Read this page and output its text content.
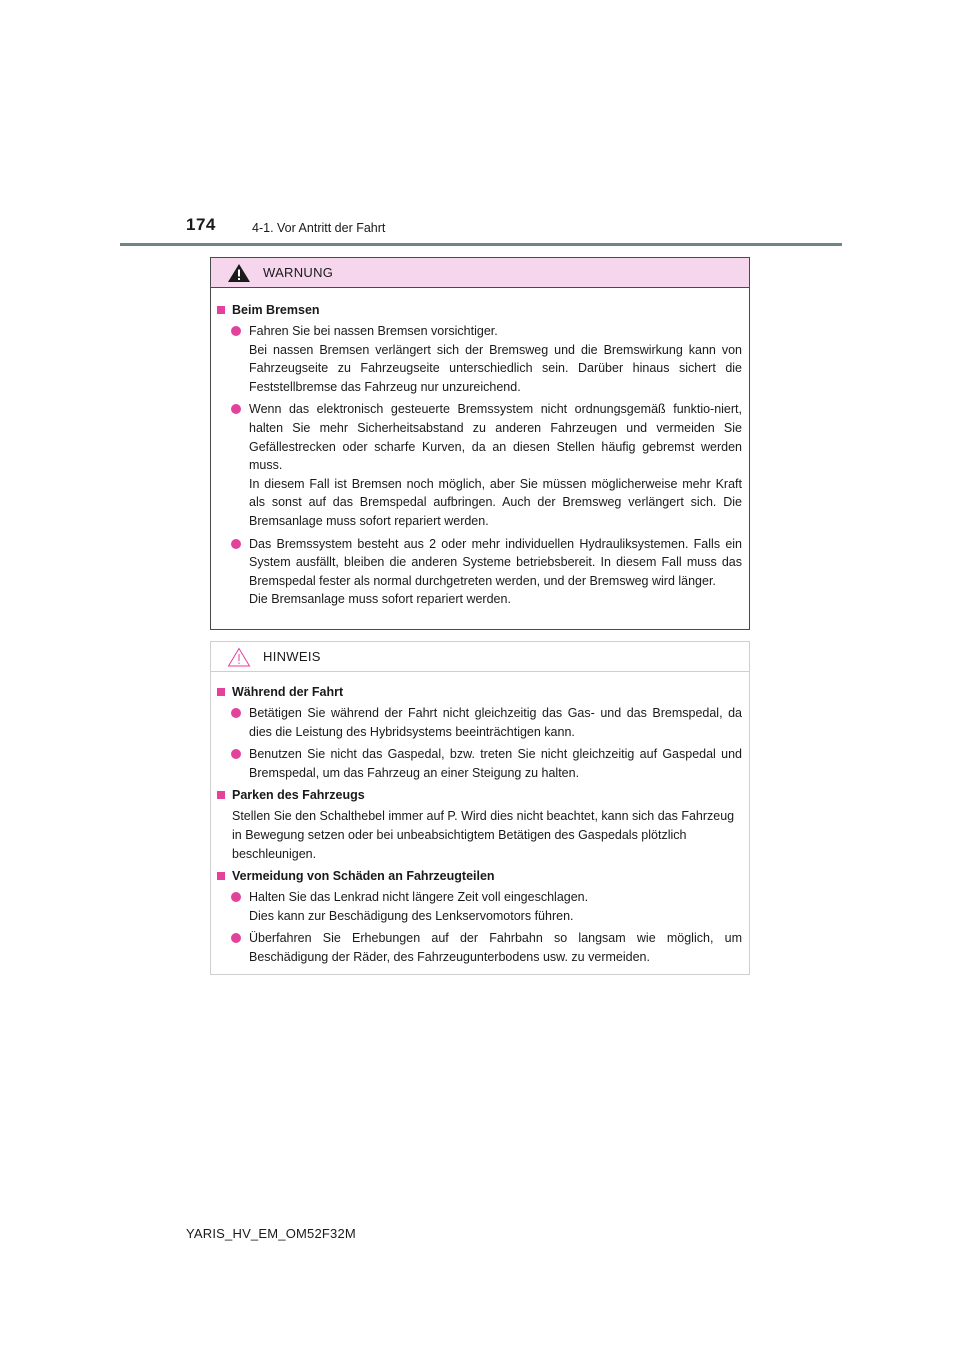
174	4-1. Vor Antritt der Fahrt
WARNUNG
Beim Bremsen

Fahren Sie bei nassen Bremsen vorsichtiger.

Bei nassen Bremsen verlängert sich der Bremsweg und die Bremswirkung kann von Fahrzeugseite zu Fahrzeugseite unterschiedlich sein. Darüber hinaus sichert die Feststellbremse das Fahrzeug nur unzureichend.

Wenn das elektronisch gesteuerte Bremssystem nicht ordnungsgemäß funktio-niert, halten Sie mehr Sicherheitsabstand zu anderen Fahrzeugen und vermeiden Sie Gefällestrecken oder scharfe Kurven, da an diesen Stellen häufig gebremst werden muss.

In diesem Fall ist Bremsen noch möglich, aber Sie müssen möglicherweise mehr Kraft als sonst auf das Bremspedal aufbringen. Auch der Bremsweg verlängert sich. Die Bremsanlage muss sofort repariert werden.

Das Bremssystem besteht aus 2 oder mehr individuellen Hydrauliksystemen. Falls ein System ausfällt, bleiben die anderen Systeme betriebsbereit. In diesem Fall muss das Bremspedal fester als normal durchgetreten werden, und der Bremsweg wird länger.

Die Bremsanlage muss sofort repariert werden.

HINWEIS
Während der Fahrt

Betätigen Sie während der Fahrt nicht gleichzeitig das Gas- und das Bremspedal, da dies die Leistung des Hybridsystems beeinträchtigen kann.

Benutzen Sie nicht das Gaspedal, bzw. treten Sie nicht gleichzeitig auf Gaspedal und Bremspedal, um das Fahrzeug an einer Steigung zu halten.

Parken des Fahrzeugs
Stellen Sie den Schalthebel immer auf P. Wird dies nicht beachtet, kann sich das Fahrzeug in Bewegung setzen oder bei unbeabsichtigtem Betätigen des Gaspedals plötzlich beschleunigen.
Vermeidung von Schäden an Fahrzeugteilen

Halten Sie das Lenkrad nicht längere Zeit voll eingeschlagen.

Dies kann zur Beschädigung des Lenkservomotors führen.

Überfahren Sie Erhebungen auf der Fahrbahn so langsam wie möglich, um Beschädigung der Räder, des Fahrzeugunterbodens usw. zu vermeiden.

YARIS_HV_EM_OM52F32M
